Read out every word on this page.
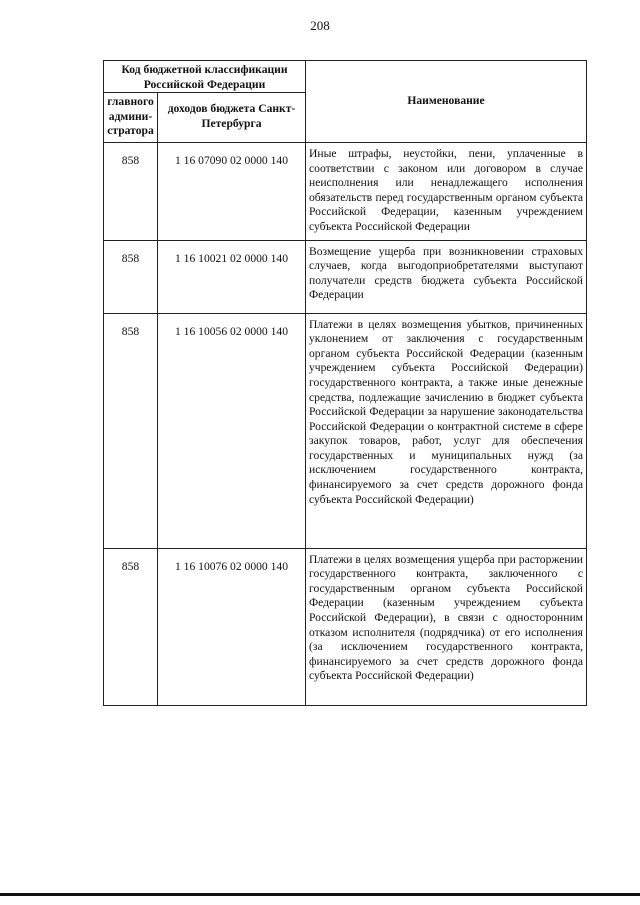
208
Код бюджетной классификации Российской Федерации		Наименование
главного админи-стратора	доходов бюджета Санкт-Петербурга	
858	1 16 07090 02 0000 140	Иные штрафы, неустойки, пени, уплаченные в соответствии с законом или договором в случае неисполнения или ненадлежащего исполнения обязательств перед государственным органом субъекта Российской Федерации, казенным учреждением субъекта Российской Федерации
858	1 16 10021 02 0000 140	Возмещение ущерба при возникновении страховых случаев, когда выгодоприобретателями выступают получатели средств бюджета субъекта Российской Федерации
858	1 16 10056 02 0000 140	Платежи в целях возмещения убытков, причиненных уклонением от заключения с государственным органом субъекта Российской Федерации (казенным учреждением субъекта Российской Федерации) государственного контракта, а также иные денежные средства, подлежащие зачислению в бюджет субъекта Российской Федерации за нарушение законодательства Российской Федерации о контрактной системе в сфере закупок товаров, работ, услуг для обеспечения государственных и муниципальных нужд (за исключением государственного контракта, финансируемого за счет средств дорожного фонда субъекта Российской Федерации)
858	1 16 10076 02 0000 140	Платежи в целях возмещения ущерба при расторжении государственного контракта, заключенного с государственным органом субъекта Российской Федерации (казенным учреждением субъекта Российской Федерации), в связи с односторонним отказом исполнителя (подрядчика) от его исполнения (за исключением государственного контракта, финансируемого за счет средств дорожного фонда субъекта Российской Федерации)
